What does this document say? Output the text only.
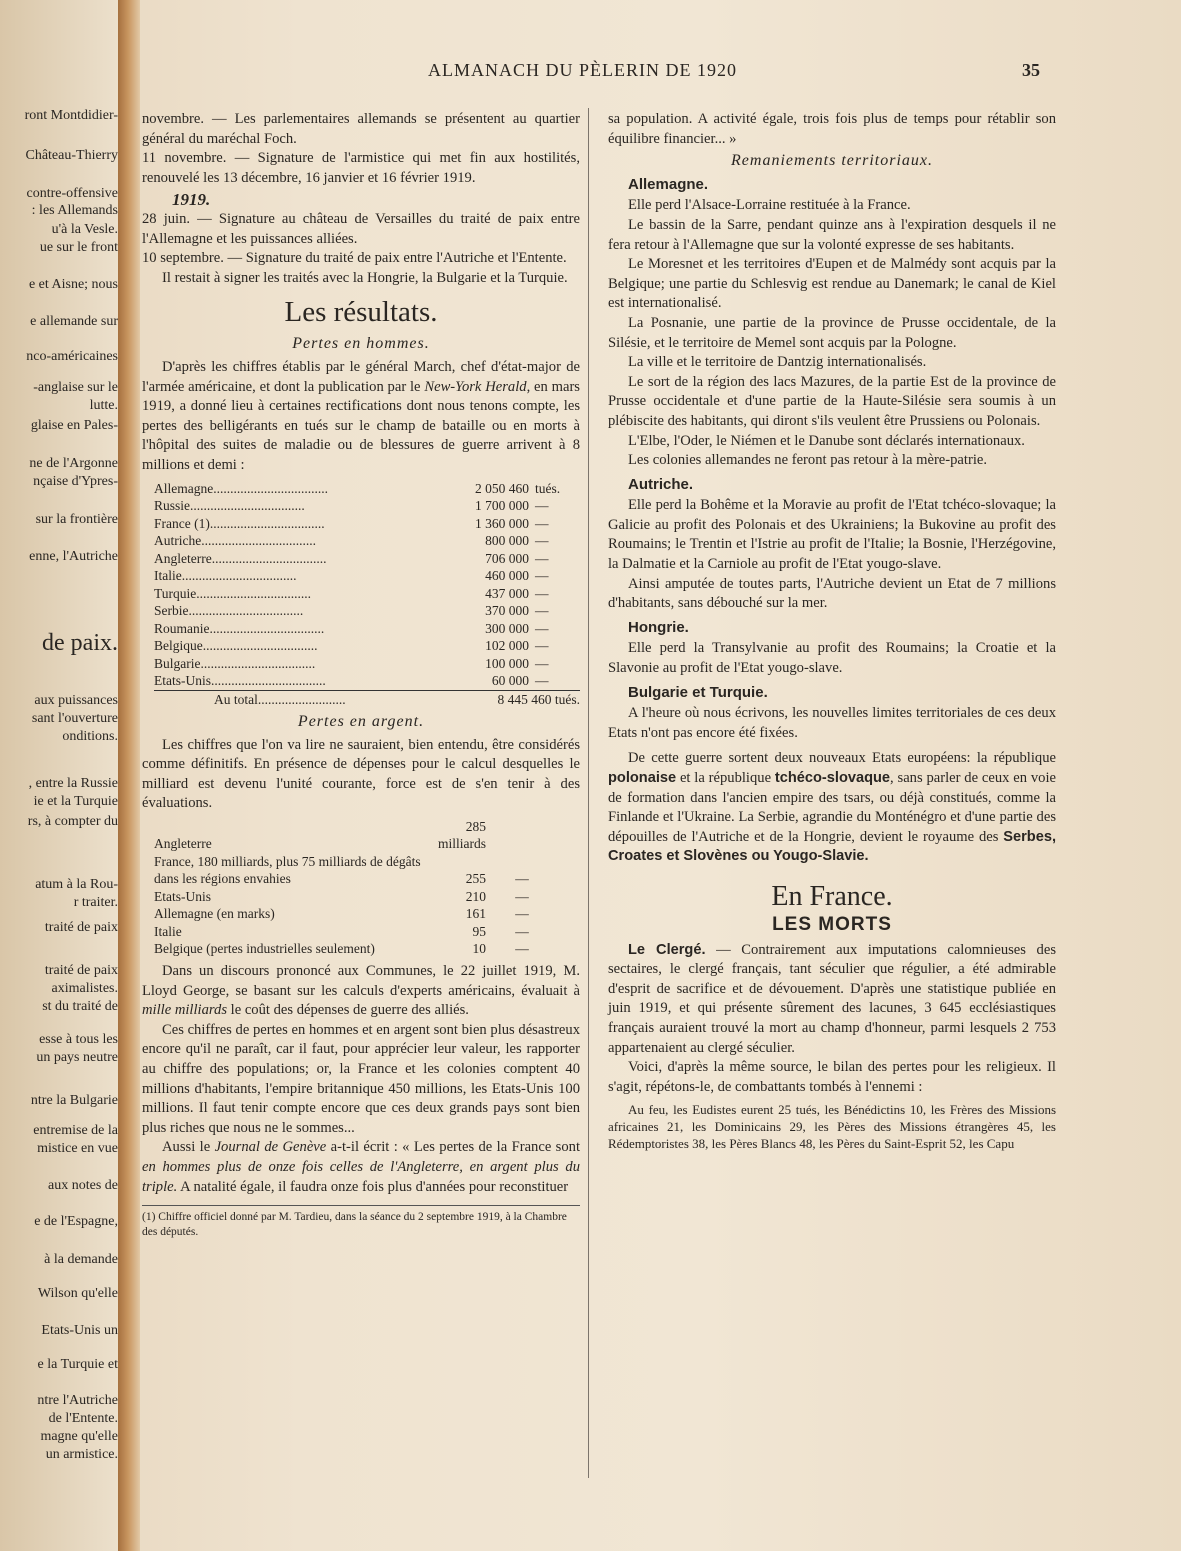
ALMANACH DU PÈLERIN DE 1920	35
ront Montdidier-
Château-Thierry
contre-offensive
: les Allemands
u'à la Vesle.
ue sur le front
e et Aisne; nous
e allemande sur
nco-américaines
-anglaise sur le
lutte.
glaise en Pales-
ne de l'Argonne
nçaise d'Ypres-
sur la frontière
enne, l'Autriche
de paix.
aux puissances
sant l'ouverture
onditions.
, entre la Russie
ie et la Turquie
rs, à compter du
atum à la Rou-
r traiter.
traité de paix
traité de paix
aximalistes.
st du traité de
esse à tous les
un pays neutre
ntre la Bulgarie
entremise de la
mistice en vue
aux notes de
e de l'Espagne,
à la demande
Wilson qu'elle
Etats-Unis un
e la Turquie et
ntre l'Autriche
de l'Entente.
magne qu'elle
un armistice.

novembre. — Les parlementaires allemands se présentent au quartier général du maréchal Foch.

11 novembre. — Signature de l'armistice qui met fin aux hostilités, renouvelé les 13 décembre, 16 janvier et 16 février 1919.

1919.

28 juin. — Signature au château de Versailles du traité de paix entre l'Allemagne et les puissances alliées.

10 septembre. — Signature du traité de paix entre l'Autriche et l'Entente.

Il restait à signer les traités avec la Hongrie, la Bulgarie et la Turquie.

Les résultats.
Pertes en hommes.

D'après les chiffres établis par le général March, chef d'état-major de l'armée américaine, et dont la publication par le New-York Herald, en mars 1919, a donné lieu à certaines rectifications dont nous tenons compte, les pertes des belligérants en tués sur le champ de bataille ou en morts à l'hôpital des suites de maladie ou de blessures de guerre arrivent à 8 millions et demi :

Allemagne..................................	2 050 460	tués.
Russie..................................	1 700 000	—
France (1)..................................	1 360 000	—
Autriche..................................	800 000	—
Angleterre..................................	706 000	—
Italie..................................	460 000	—
Turquie..................................	437 000	—
Serbie..................................	370 000	—
Roumanie..................................	300 000	—
Belgique..................................	102 000	—
Bulgarie..................................	100 000	—
Etats-Unis..................................	60 000	—
Au total..........................	8 445 460 tués.	
Pertes en argent.

Les chiffres que l'on va lire ne sauraient, bien entendu, être considérés comme définitifs. En présence de dépenses pour le calcul desquelles le milliard est devenu l'unité courante, force est de s'en tenir à des évaluations.

Angleterre	285 milliards	
France, 180 milliards, plus 75 milliards de dégâts dans les régions envahies	255	—
Etats-Unis	210	—
Allemagne (en marks)	161	—
Italie	95	—
Belgique (pertes industrielles seulement)	10	—

Dans un discours prononcé aux Communes, le 22 juillet 1919, M. Lloyd George, se basant sur les calculs d'experts américains, évaluait à mille milliards le coût des dépenses de guerre des alliés.

Ces chiffres de pertes en hommes et en argent sont bien plus désastreux encore qu'il ne paraît, car il faut, pour apprécier leur valeur, les rapporter au chiffre des populations; or, la France et les colonies comptent 40 millions d'habitants, l'empire britannique 450 millions, les Etats-Unis 100 millions. Il faut tenir compte encore que ces deux grands pays sont bien plus riches que nous ne le sommes...

Aussi le Journal de Genève a-t-il écrit : « Les pertes de la France sont en hommes plus de onze fois celles de l'Angleterre, en argent plus du triple. A natalité égale, il faudra onze fois plus d'années pour reconstituer

(1) Chiffre officiel donné par M. Tardieu, dans la séance du 2 septembre 1919, à la Chambre des députés.

sa population. A activité égale, trois fois plus de temps pour rétablir son équilibre financier... »

Remaniements territoriaux.
Allemagne.

Elle perd l'Alsace-Lorraine restituée à la France.

Le bassin de la Sarre, pendant quinze ans à l'expiration desquels il ne fera retour à l'Allemagne que sur la volonté expresse de ses habitants.

Le Moresnet et les territoires d'Eupen et de Malmédy sont acquis par la Belgique; une partie du Schlesvig est rendue au Danemark; le canal de Kiel est internationalisé.

La Posnanie, une partie de la province de Prusse occidentale, de la Silésie, et le territoire de Memel sont acquis par la Pologne.

La ville et le territoire de Dantzig internationalisés.

Le sort de la région des lacs Mazures, de la partie Est de la province de Prusse occidentale et d'une partie de la Haute-Silésie sera soumis à un plébiscite des habitants, qui diront s'ils veulent être Prussiens ou Polonais.

L'Elbe, l'Oder, le Niémen et le Danube sont déclarés internationaux.

Les colonies allemandes ne feront pas retour à la mère-patrie.

Autriche.

Elle perd la Bohême et la Moravie au profit de l'Etat tchéco-slovaque; la Galicie au profit des Polonais et des Ukrainiens; la Bukovine au profit des Roumains; le Trentin et l'Istrie au profit de l'Italie; la Bosnie, l'Herzégovine, la Dalmatie et la Carniole au profit de l'Etat yougo-slave.

Ainsi amputée de toutes parts, l'Autriche devient un Etat de 7 millions d'habitants, sans débouché sur la mer.

Hongrie.

Elle perd la Transylvanie au profit des Roumains; la Croatie et la Slavonie au profit de l'Etat yougo-slave.

Bulgarie et Turquie.

A l'heure où nous écrivons, les nouvelles limites territoriales de ces deux Etats n'ont pas encore été fixées.

De cette guerre sortent deux nouveaux Etats européens: la république polonaise et la république tchéco-slovaque, sans parler de ceux en voie de formation dans l'ancien empire des tsars, ou déjà constitués, comme la Finlande et l'Ukraine. La Serbie, agrandie du Monténégro et d'une partie des dépouilles de l'Autriche et de la Hongrie, devient le royaume des Serbes, Croates et Slovènes ou Yougo-Slavie.

En France.
LES MORTS

Le Clergé. — Contrairement aux imputations calomnieuses des sectaires, le clergé français, tant séculier que régulier, a été admirable d'esprit de sacrifice et de dévouement. D'après une statistique publiée en juin 1919, et qui présente sûrement des lacunes, 3 645 ecclésiastiques français auraient trouvé la mort au champ d'honneur, parmi lesquels 2 753 appartenaient au clergé séculier.

Voici, d'après la même source, le bilan des pertes pour les religieux. Il s'agit, répétons-le, de combattants tombés à l'ennemi :

Au feu, les Eudistes eurent 25 tués, les Bénédictins 10, les Frères des Missions africaines 21, les Dominicains 29, les Pères des Missions étrangères 45, les Rédemptoristes 38, les Pères Blancs 48, les Pères du Saint-Esprit 52, les Capu
